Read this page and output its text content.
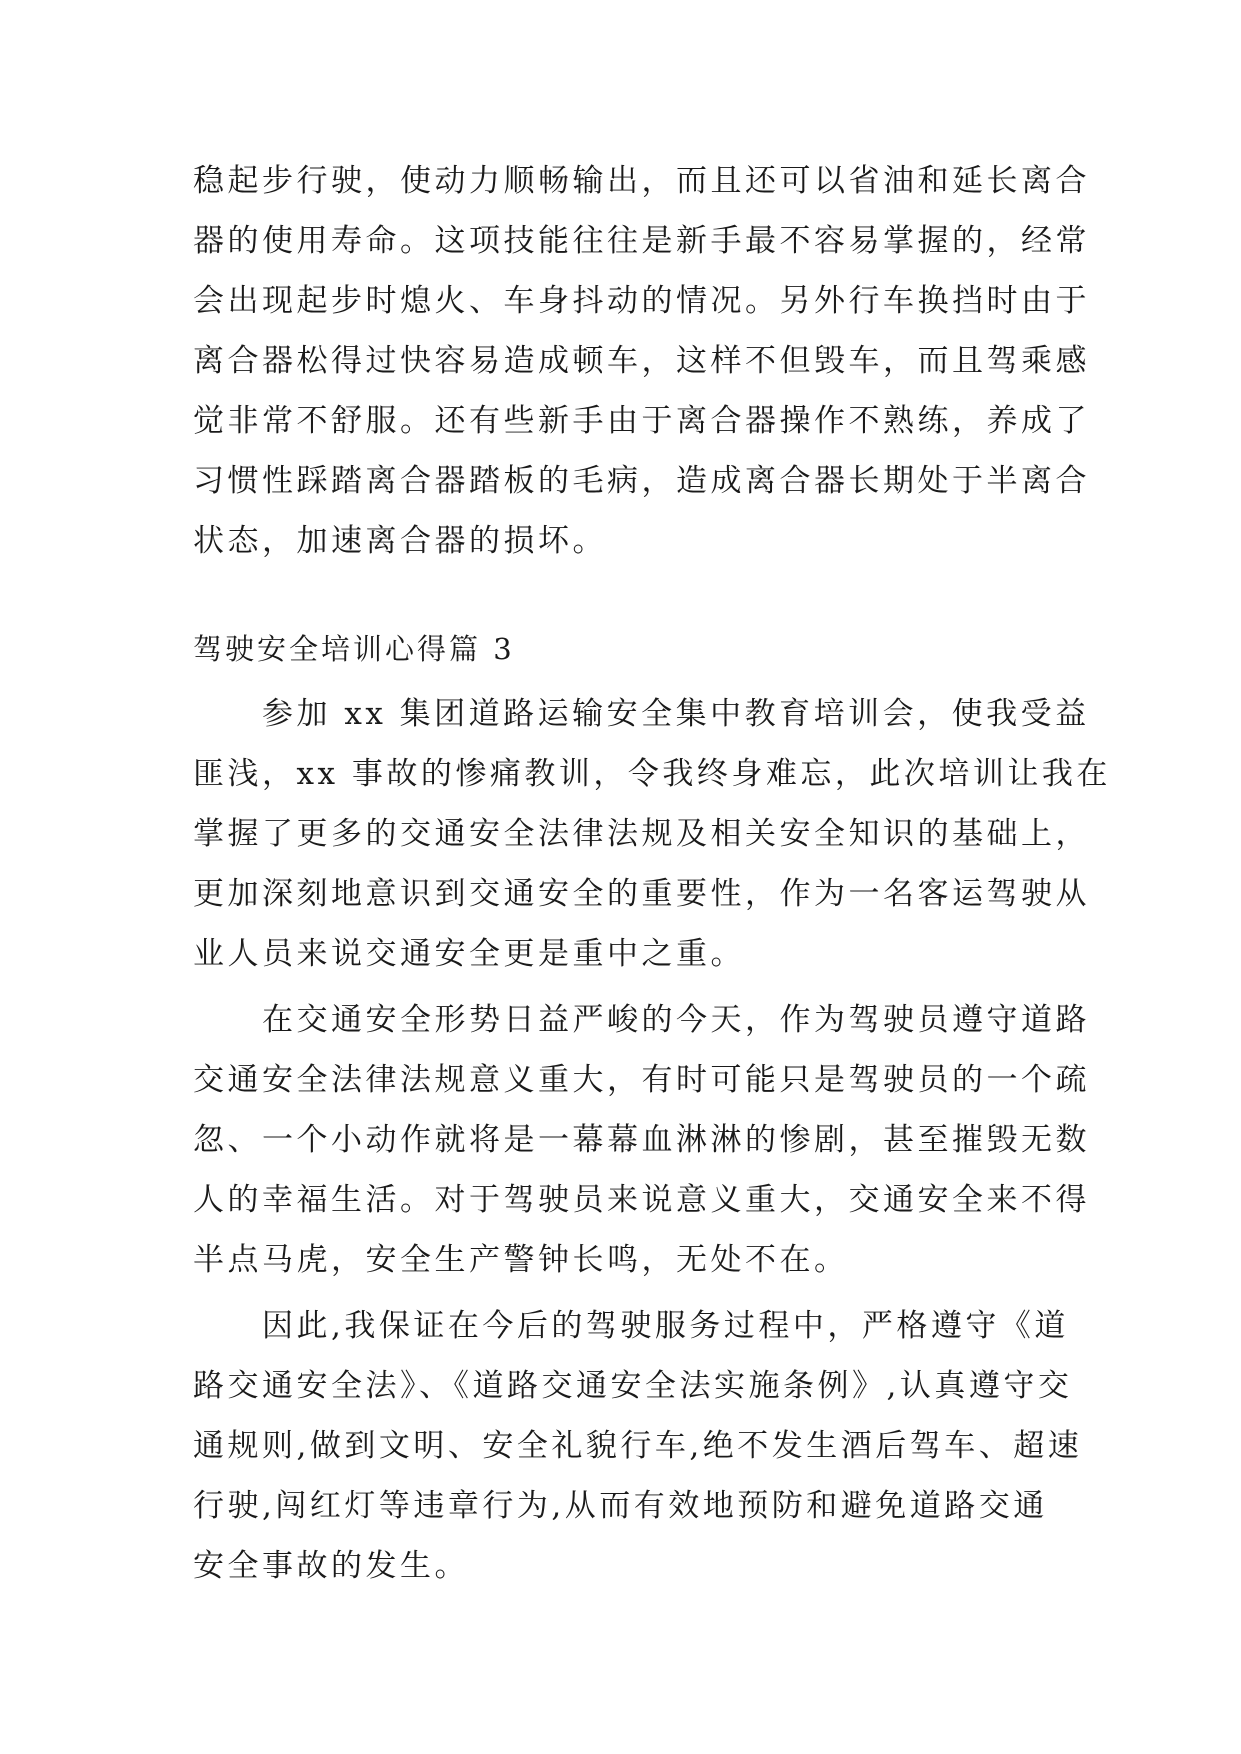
稳起步行驶，使动力顺畅输出，而且还可以省油和延长离合
器的使用寿命。这项技能往往是新手最不容易掌握的，经常
会出现起步时熄火、车身抖动的情况。另外行车换挡时由于
离合器松得过快容易造成顿车，这样不但毁车，而且驾乘感
觉非常不舒服。还有些新手由于离合器操作不熟练，养成了
习惯性踩踏离合器踏板的毛病，造成离合器长期处于半离合
状态，加速离合器的损坏。
驾驶安全培训心得篇 3
　　参加 xx 集团道路运输安全集中教育培训会，使我受益
匪浅，xx 事故的惨痛教训，令我终身难忘，此次培训让我在
掌握了更多的交通安全法律法规及相关安全知识的基础上，
更加深刻地意识到交通安全的重要性，作为一名客运驾驶从
业人员来说交通安全更是重中之重。
　　在交通安全形势日益严峻的今天，作为驾驶员遵守道路
交通安全法律法规意义重大，有时可能只是驾驶员的一个疏
忽、一个小动作就将是一幕幕血淋淋的惨剧，甚至摧毁无数
人的幸福生活。对于驾驶员来说意义重大，交通安全来不得
半点马虎，安全生产警钟长鸣，无处不在。
　　因此,我保证在今后的驾驶服务过程中，严格遵守《道
路交通安全法》、《道路交通安全法实施条例》,认真遵守交
通规则,做到文明、安全礼貌行车,绝不发生酒后驾车、超速
行驶,闯红灯等违章行为,从而有效地预防和避免道路交通
安全事故的发生。
